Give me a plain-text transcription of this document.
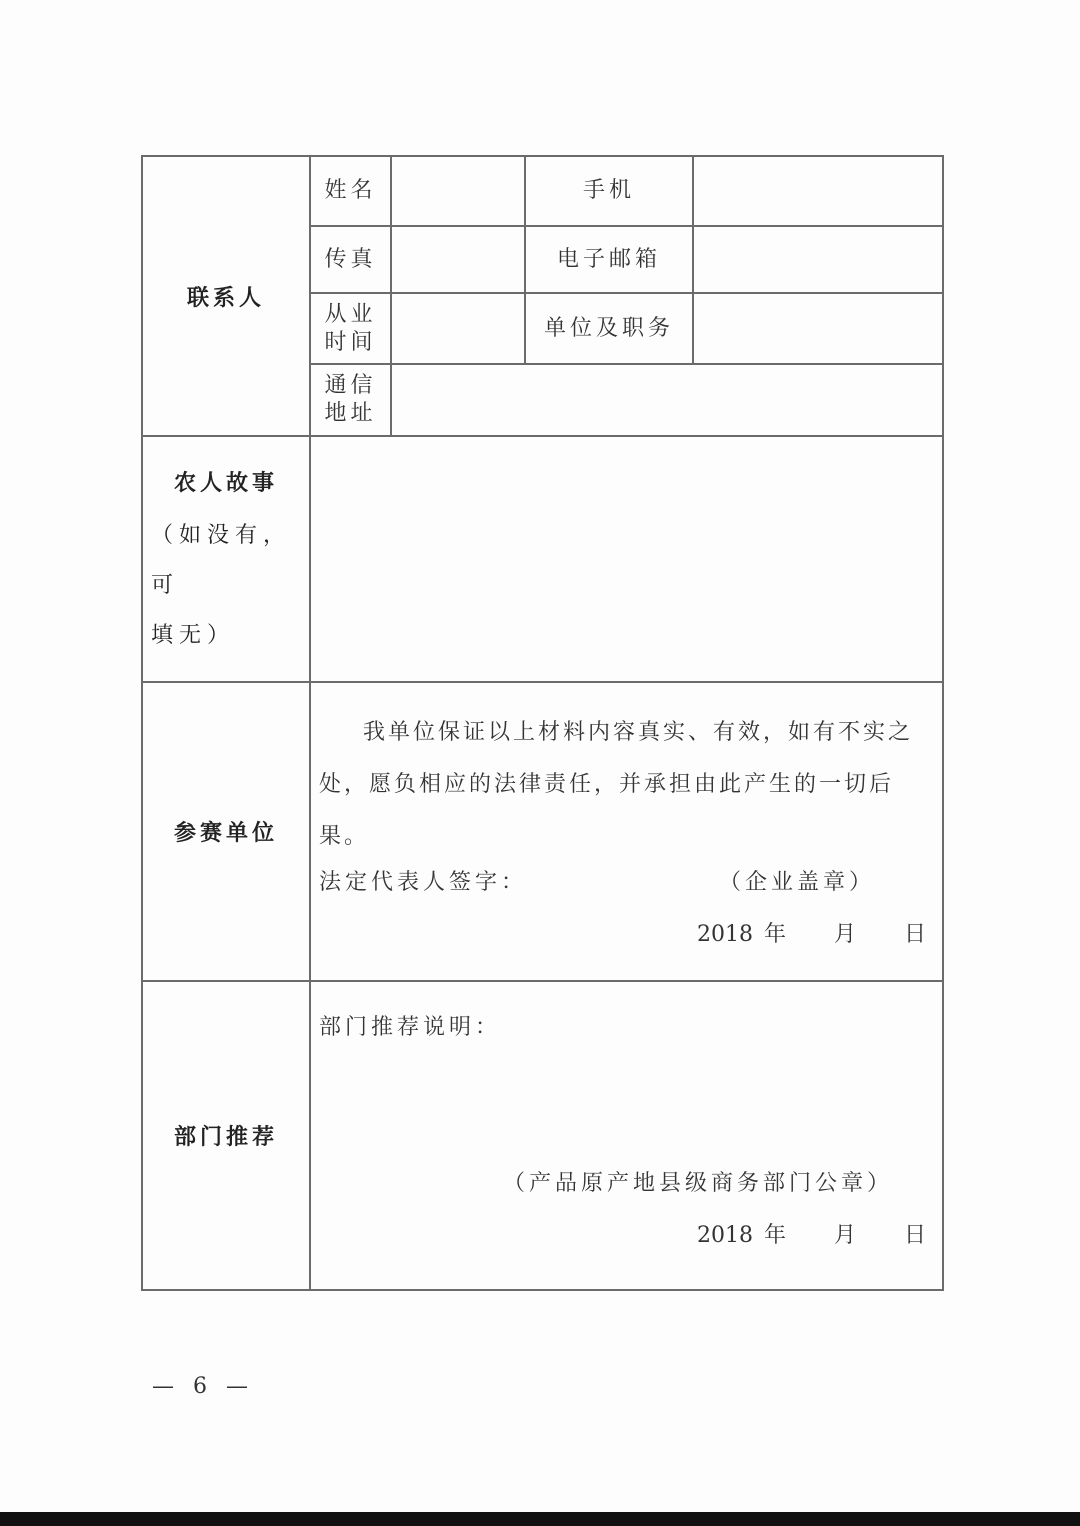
联系人	姓名		手机	
	传真		电子邮箱	

	从业
时间		单位及职务	

	通信
地址			

农人故事
（如没有，可
填无）				

参赛单位	我单位保证以上材料内容真实、有效，如有不实之处，愿负相应的法律责任，并承担由此产生的一切后果。
法定代表人签字： （企业盖章）
2018 年 月 日			

部门推荐	部门推荐说明：
（产品原产地县级商务部门公章）
2018 年 月 日			
— 6 —
